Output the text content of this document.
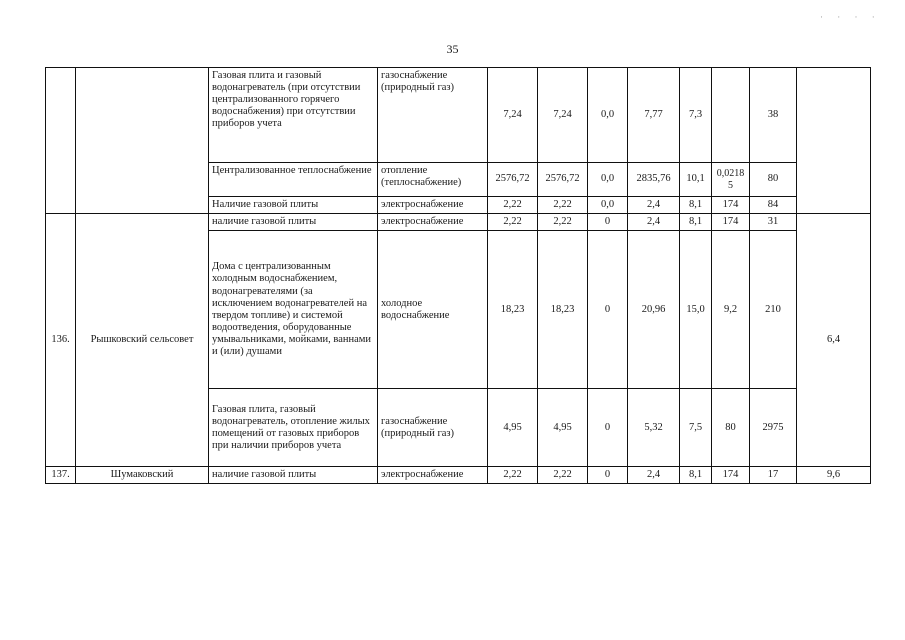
· · · ·
35
		Газовая плита и газовый водонагреватель (при отсутствии централизованного горячего водоснабжения) при отсутствии приборов учета	газоснабжение (природный газ)	7,24	7,24	0,0	7,77	7,3		38	
		Централизованное теплоснабжение	отопление (теплоснабжение)	2576,72	2576,72	0,0	2835,76	10,1	0,0218 5	80	
		Наличие газовой плиты	электроснабжение	2,22	2,22	0,0	2,4	8,1	174	84	
136.	Рышковский сельсовет	наличие газовой плиты	электроснабжение	2,22	2,22	0	2,4	8,1	174	31	6,4
		Дома с централизованным холодным водоснабжением, водонагревателями (за исключением водонагревателей на твердом топливе) и системой водоотведения, оборудованные умывальниками, мойками, ваннами и (или) душами	холодное водоснабжение	18,23	18,23	0	20,96	15,0	9,2	210	
		Газовая плита, газовый водонагреватель, отопление жилых помещений от газовых приборов при наличии приборов учета	газоснабжение (природный газ)	4,95	4,95	0	5,32	7,5	80	2975	
137.	Шумаковский	наличие газовой плиты	электроснабжение	2,22	2,22	0	2,4	8,1	174	17	9,6
